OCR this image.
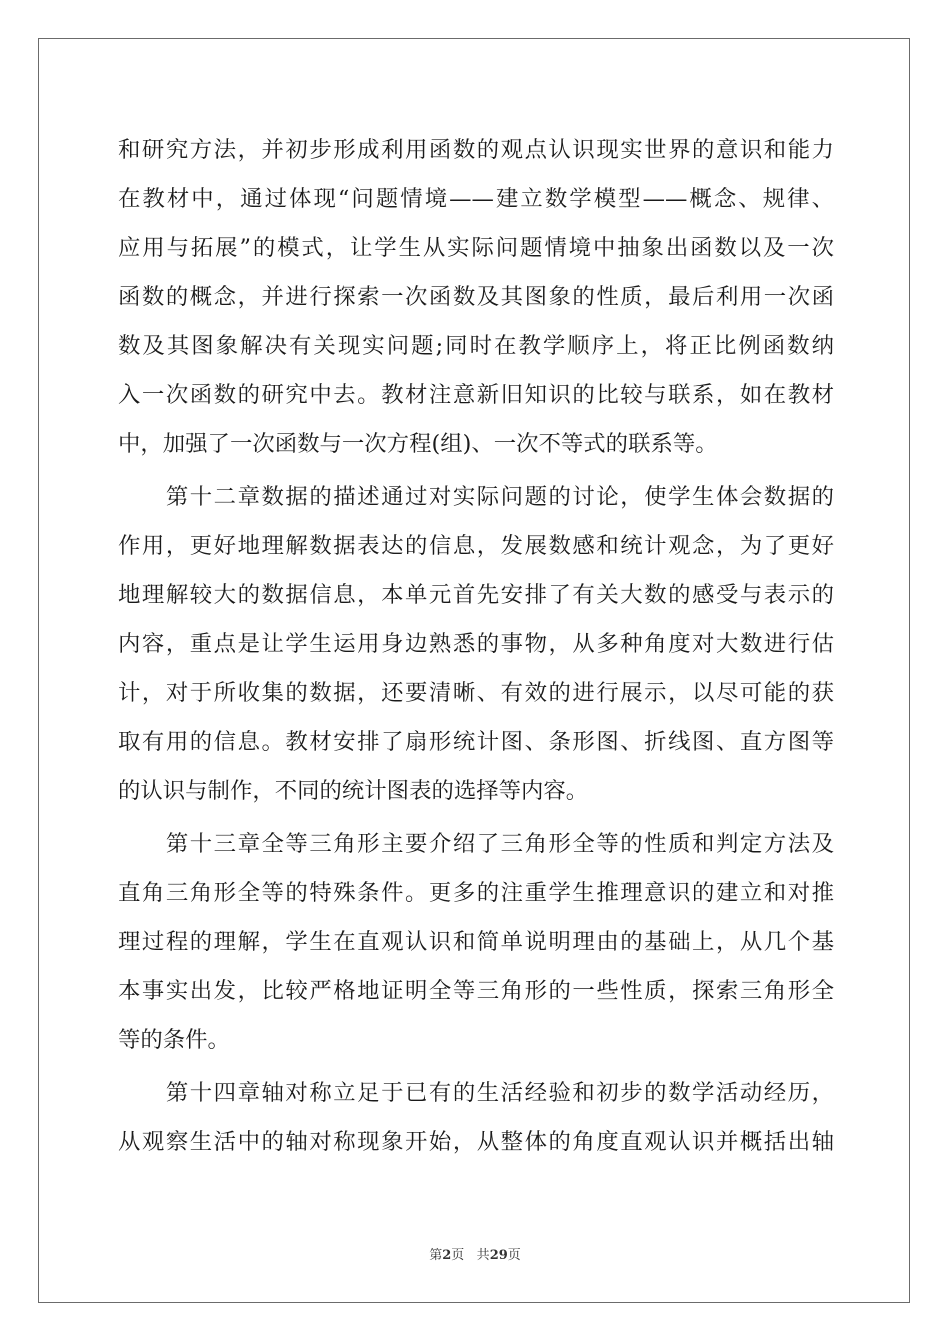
和研究方法，并初步形成利用函数的观点认识现实世界的意识和能力
在教材中，通过体现“问题情境——建立数学模型——概念、规律、
应用与拓展”的模式，让学生从实际问题情境中抽象出函数以及一次
函数的概念，并进行探索一次函数及其图象的性质，最后利用一次函
数及其图象解决有关现实问题;同时在教学顺序上，将正比例函数纳
入一次函数的研究中去。教材注意新旧知识的比较与联系，如在教材
中，加强了一次函数与一次方程(组)、一次不等式的联系等。
　　第十二章数据的描述通过对实际问题的讨论，使学生体会数据的
作用，更好地理解数据表达的信息，发展数感和统计观念，为了更好
地理解较大的数据信息，本单元首先安排了有关大数的感受与表示的
内容，重点是让学生运用身边熟悉的事物，从多种角度对大数进行估
计，对于所收集的数据，还要清晰、有效的进行展示，以尽可能的获
取有用的信息。教材安排了扇形统计图、条形图、折线图、直方图等
的认识与制作，不同的统计图表的选择等内容。
　　第十三章全等三角形主要介绍了三角形全等的性质和判定方法及
直角三角形全等的特殊条件。更多的注重学生推理意识的建立和对推
理过程的理解，学生在直观认识和简单说明理由的基础上，从几个基
本事实出发，比较严格地证明全等三角形的一些性质，探索三角形全
等的条件。
　　第十四章轴对称立足于已有的生活经验和初步的数学活动经历，
从观察生活中的轴对称现象开始，从整体的角度直观认识并概括出轴
第2页 共29页
